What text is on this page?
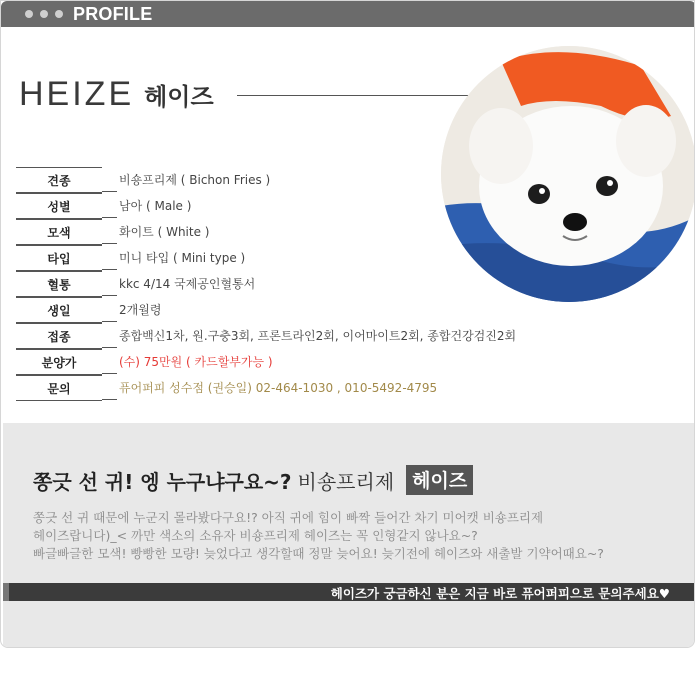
PROFILE
HEIZE 헤이즈
견종	비숑프리제 ( Bichon Fries )
성별	남아 ( Male )
모색	화이트 ( White )
타입	미니 타입 ( Mini type )
혈통	kkc 4/14 국제공인혈통서
생일	2개월령
접종	종합백신1차, 원.구충3회, 프론트라인2회, 이어마이트2회, 종합건강검진2회
분양가	(수) 75만원 ( 카드할부가능 )
문의	퓨어퍼피 성수점 (권승일) 02-464-1030 , 010-5492-4795
쫑긋 선 귀! 엥 누구냐구요~? 비숑프리제 헤이즈
쫑긋 선 귀 때문에 누군지 몰라봤다구요!? 아직 귀에 힘이 빠짝 들어간 차기 미어캣 비숑프리제
헤이즈랍니다)_< 까만 색소의 소유자 비숑프리제 헤이즈는 꼭 인형같지 않나요~?
빠글빠글한 모색! 빵빵한 모량! 늦었다고 생각할때 정말 늦어요! 늦기전에 헤이즈와 새출발 기약어때요~?
헤이즈가 궁금하신 분은 지금 바로 퓨어퍼피으로 문의주세요♥
